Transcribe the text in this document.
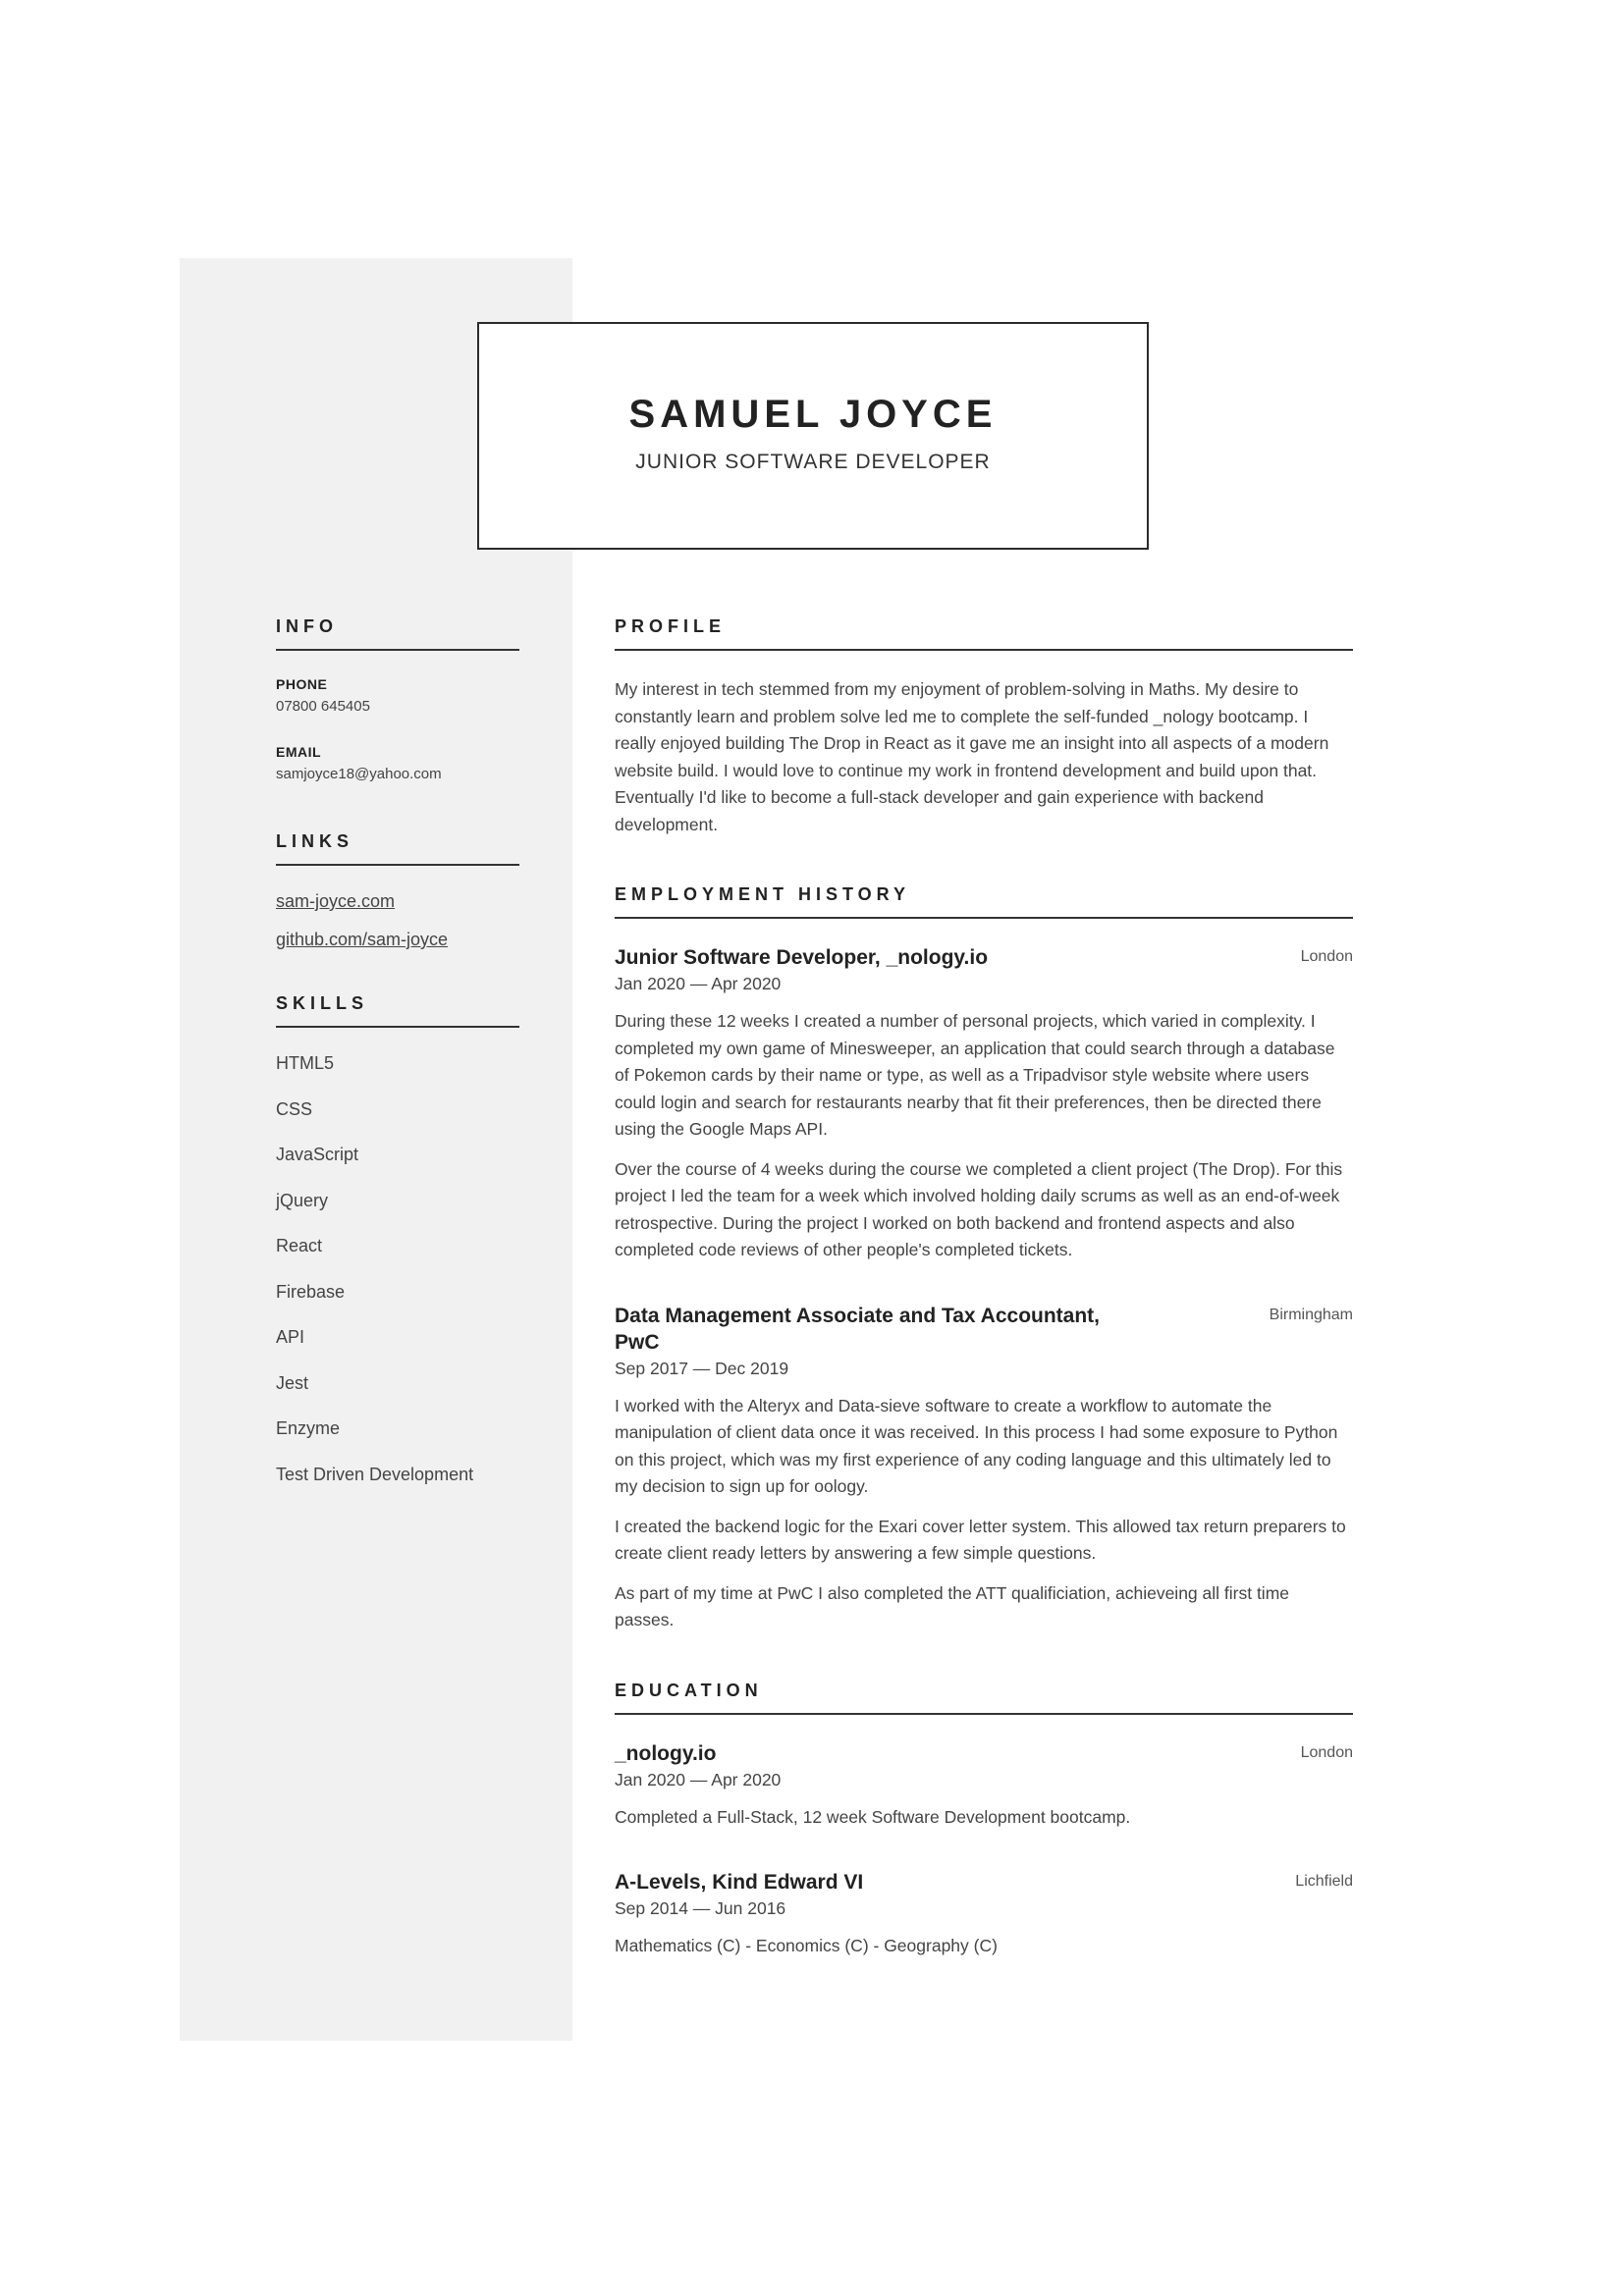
SAMUEL JOYCE
JUNIOR SOFTWARE DEVELOPER
INFO
PHONE
07800 645405
EMAIL
samjoyce18@yahoo.com
LINKS
sam-joyce.com
github.com/sam-joyce
SKILLS
HTML5
CSS
JavaScript
jQuery
React
Firebase
API
Jest
Enzyme
Test Driven Development
PROFILE

My interest in tech stemmed from my enjoyment of problem-solving in Maths. My desire to constantly learn and problem solve led me to complete the self-funded _nology bootcamp. I really enjoyed building The Drop in React as it gave me an insight into all aspects of a modern website build. I would love to continue my work in frontend development and build upon that. Eventually I'd like to become a full-stack developer and gain experience with backend development.

EMPLOYMENT HISTORY
Junior Software Developer, _nology.io	London
Jan 2020 — Apr 2020

During these 12 weeks I created a number of personal projects, which varied in complexity. I completed my own game of Minesweeper, an application that could search through a database of Pokemon cards by their name or type, as well as a Tripadvisor style website where users could login and search for restaurants nearby that fit their preferences, then be directed there using the Google Maps API.

Over the course of 4 weeks during the course we completed a client project (The Drop). For this project I led the team for a week which involved holding daily scrums as well as an end-of-week retrospective. During the project I worked on both backend and frontend aspects and also completed code reviews of other people's completed tickets.

Data Management Associate and Tax Accountant, PwC
Birmingham
Sep 2017 — Dec 2019

I worked with the Alteryx and Data-sieve software to create a workflow to automate the manipulation of client data once it was received. In this process I had some exposure to Python on this project, which was my first experience of any coding language and this ultimately led to my decision to sign up for oology.

I created the backend logic for the Exari cover letter system. This allowed tax return preparers to create client ready letters by answering a few simple questions.

As part of my time at PwC I also completed the ATT qualificiation, achieveing all first time passes.

EDUCATION
_nology.io	London
Jan 2020 — Apr 2020

Completed a Full-Stack, 12 week Software Development bootcamp.

A-Levels, Kind Edward VI	Lichfield
Sep 2014 — Jun 2016

Mathematics (C) - Economics (C) - Geography (C)
